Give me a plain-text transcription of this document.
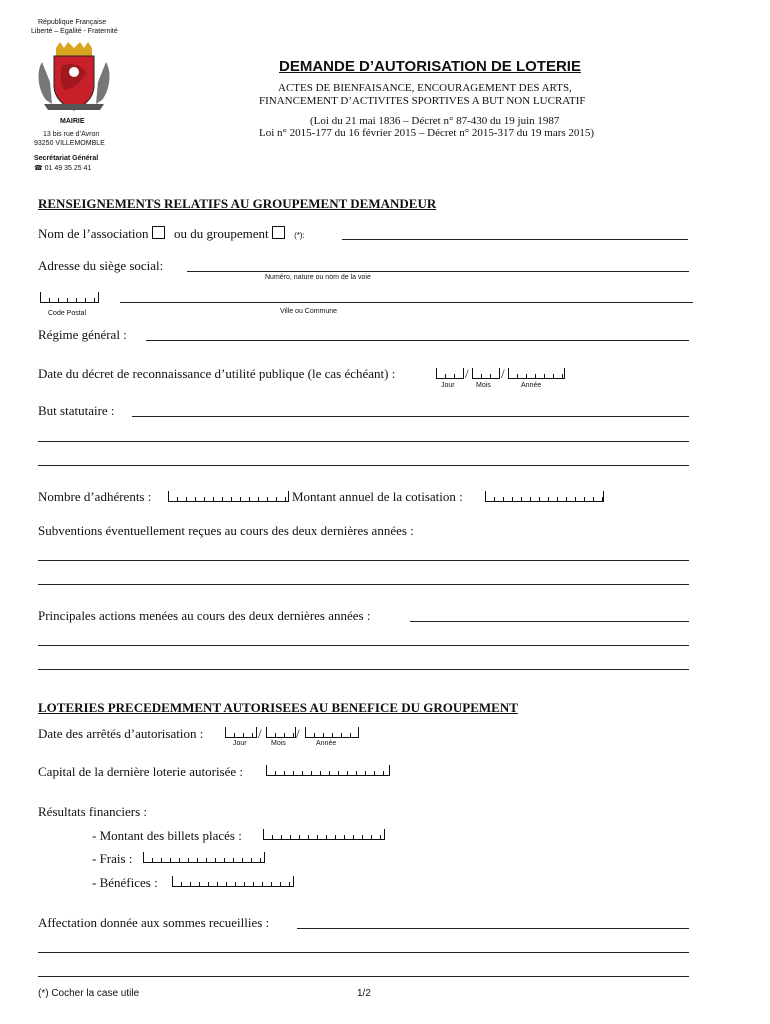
République Française
Liberté – Egalité - Fraternité
MAIRIE
13 bis rue d’Avron
93250 VILLEMOMBLE
Secrétariat Général
☎ 01 49 35 25 41
DEMANDE D’AUTORISATION DE LOTERIE
ACTES DE BIENFAISANCE, ENCOURAGEMENT DES ARTS,
FINANCEMENT D’ACTIVITES SPORTIVES A BUT NON LUCRATIF
(Loi du 21 mai 1836 – Décret n° 87-430 du 19 juin 1987
Loi n° 2015-177 du 16 février 2015 – Décret n° 2015-317 du 19 mars 2015)
RENSEIGNEMENTS RELATIFS AU GROUPEMENT DEMANDEUR
Nom de l’association ou du groupement	(*):
Adresse du siège social:
Numéro, nature ou nom de la voie
Code Postal	Ville ou Commune
Régime général :
Date du décret de reconnaissance d’utilité publique (le cas échéant) :	/ /
Jour	Mois	Année
But statutaire :
Nombre d’adhérents :	Montant annuel de la cotisation :
Subventions éventuellement reçues au cours des deux dernières années :
Principales actions menées au cours des deux dernières années :
LOTERIES PRECEDEMMENT AUTORISEES AU BENEFICE DU GROUPEMENT
Date des arrêtés d’autorisation :	/	/
Jour	Mois	Année
Capital de la dernière loterie autorisée :
Résultats financiers :
- Montant des billets placés :
- Frais :
- Bénéfices :
Affectation donnée aux sommes recueillies :
(*) Cocher la case utile	1/2
